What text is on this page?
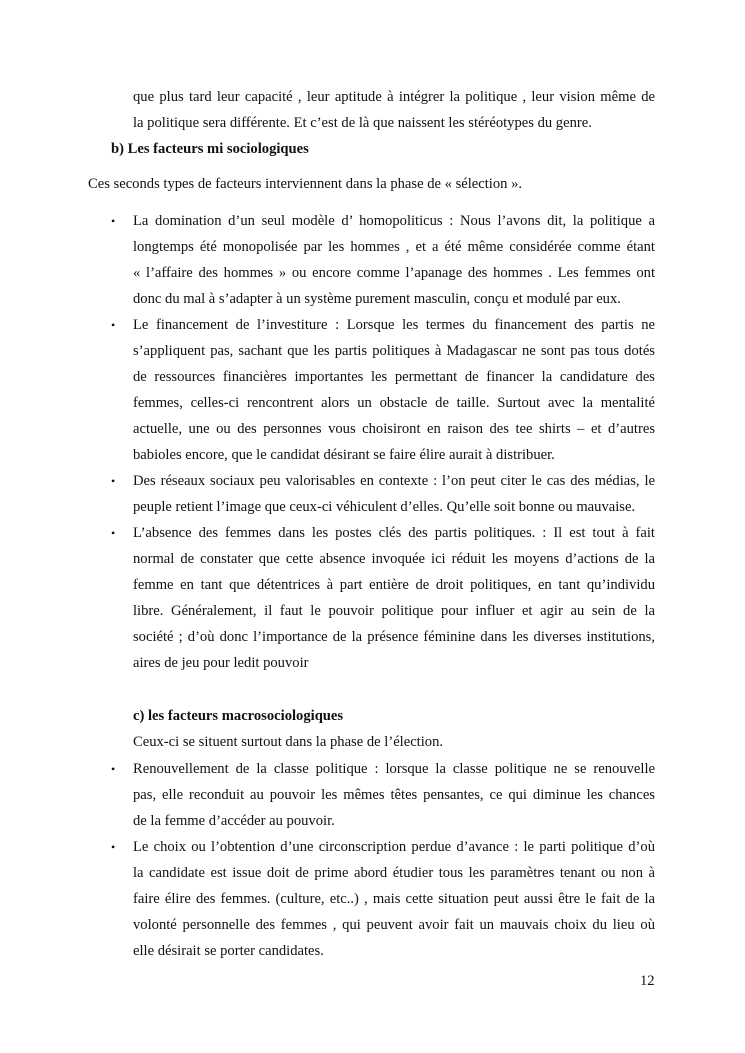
que plus tard leur capacité , leur aptitude à intégrer la politique , leur vision même de
la politique sera différente. Et c’est de là que naissent les stéréotypes du genre.
b) Les facteurs mi sociologiques
Ces seconds types de facteurs interviennent dans la phase de « sélection ».
• La domination d’un seul modèle d’ homopoliticus : Nous l’avons dit, la politique a
longtemps été monopolisée par les hommes , et a été même considérée comme étant
« l’affaire des hommes » ou encore comme l’apanage des hommes . Les femmes ont
donc du mal à s’adapter à un système purement masculin, conçu et modulé par eux.
• Le financement de l’investiture : Lorsque les termes du financement des partis ne
s’appliquent pas, sachant que les partis politiques à Madagascar ne sont pas tous dotés
de ressources financières importantes les permettant de financer la candidature des
femmes, celles-ci rencontrent alors un obstacle de taille. Surtout avec la mentalité
actuelle, une ou des personnes vous choisiront en raison des tee shirts – et d’autres
babioles encore, que le candidat désirant se faire élire aurait à distribuer.
• Des réseaux sociaux peu valorisables en contexte : l’on peut citer le cas des médias, le
peuple retient l’image que ceux-ci véhiculent d’elles. Qu’elle soit bonne ou mauvaise.
• L’absence des femmes dans les postes clés des partis politiques. : Il est tout à fait
normal de constater que cette absence invoquée ici réduit les moyens d’actions de la
femme en tant que détentrices à part entière de droit politiques, en tant qu’individu
libre. Généralement, il faut le pouvoir politique pour influer et agir au sein de la
société ; d’où donc l’importance de la présence féminine dans les diverses institutions,
aires de jeu pour ledit pouvoir
c) les facteurs macrosociologiques
Ceux-ci se situent surtout dans la phase de l’élection.
• Renouvellement de la classe politique : lorsque la classe politique ne se renouvelle
pas, elle reconduit au pouvoir les mêmes têtes pensantes, ce qui diminue les chances
de la femme d’accéder au pouvoir.
• Le choix ou l’obtention d’une circonscription perdue d’avance : le parti politique d’où
la candidate est issue doit de prime abord étudier tous les paramètres tenant ou non à
faire élire des femmes. (culture, etc..) , mais cette situation peut aussi être le fait de la
volonté personnelle des femmes , qui peuvent avoir fait un mauvais choix du lieu où
elle désirait se porter candidates.
12
